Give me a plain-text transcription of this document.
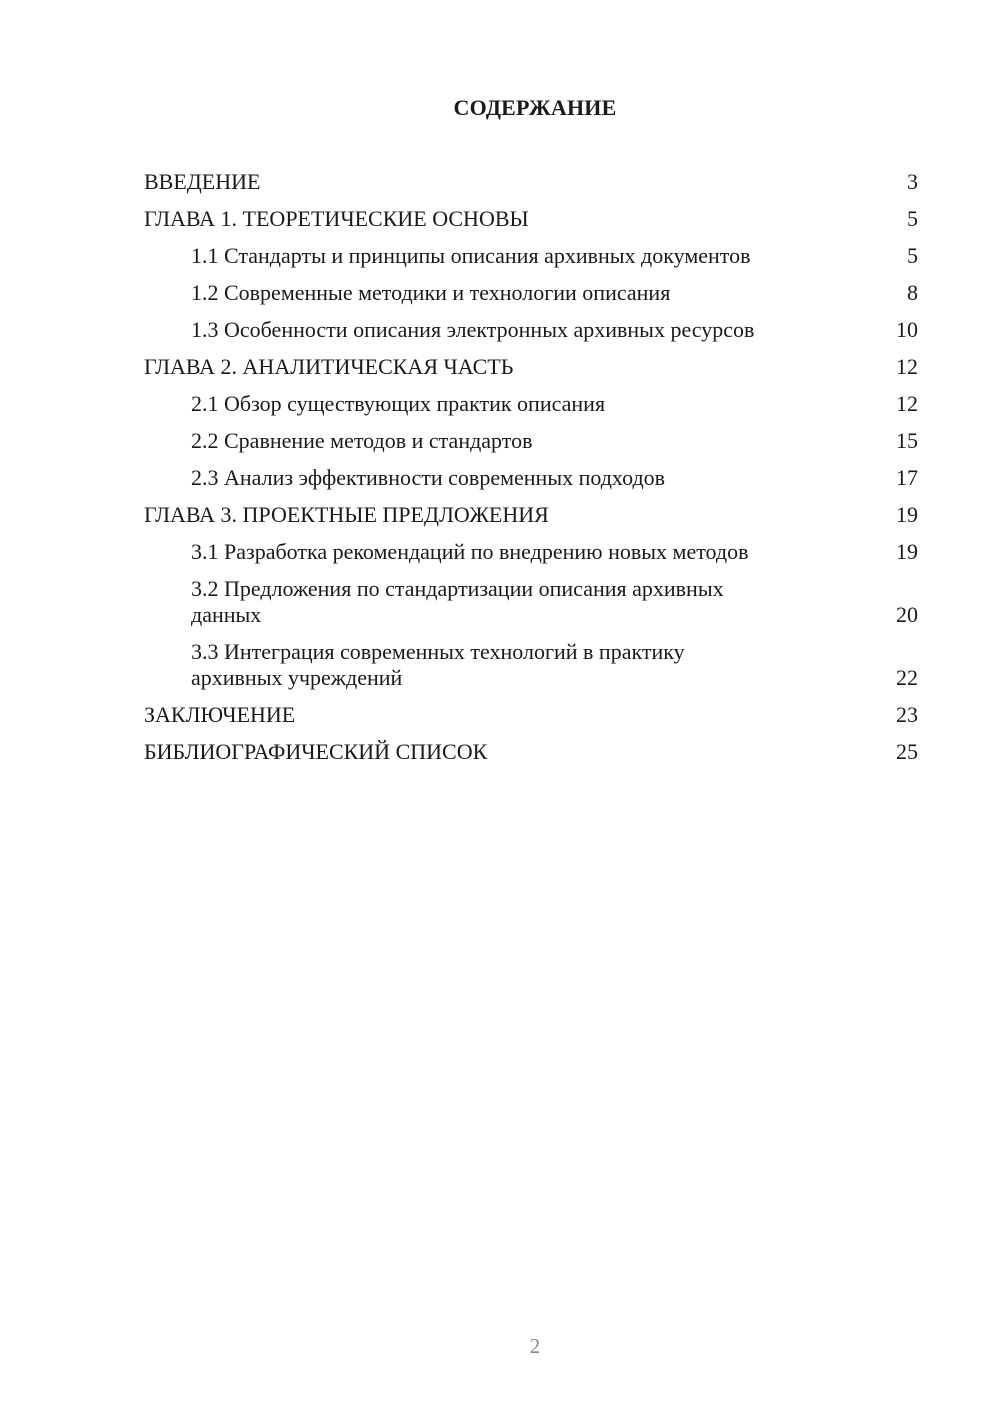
СОДЕРЖАНИЕ
ВВЕДЕНИЕ	3
ГЛАВА 1. ТЕОРЕТИЧЕСКИЕ ОСНОВЫ	5
1.1 Стандарты и принципы описания архивных документов	5
1.2 Современные методики и технологии описания	8
1.3 Особенности описания электронных архивных ресурсов	10
ГЛАВА 2. АНАЛИТИЧЕСКАЯ ЧАСТЬ	12
2.1 Обзор существующих практик описания	12
2.2 Сравнение методов и стандартов	15
2.3 Анализ эффективности современных подходов	17
ГЛАВА 3. ПРОЕКТНЫЕ ПРЕДЛОЖЕНИЯ	19
3.1 Разработка рекомендаций по внедрению новых методов	19
3.2 Предложения по стандартизации описания архивных данных	20
3.3 Интеграция современных технологий в практику архивных учреждений	22
ЗАКЛЮЧЕНИЕ	23
БИБЛИОГРАФИЧЕСКИЙ СПИСОК	25
2
